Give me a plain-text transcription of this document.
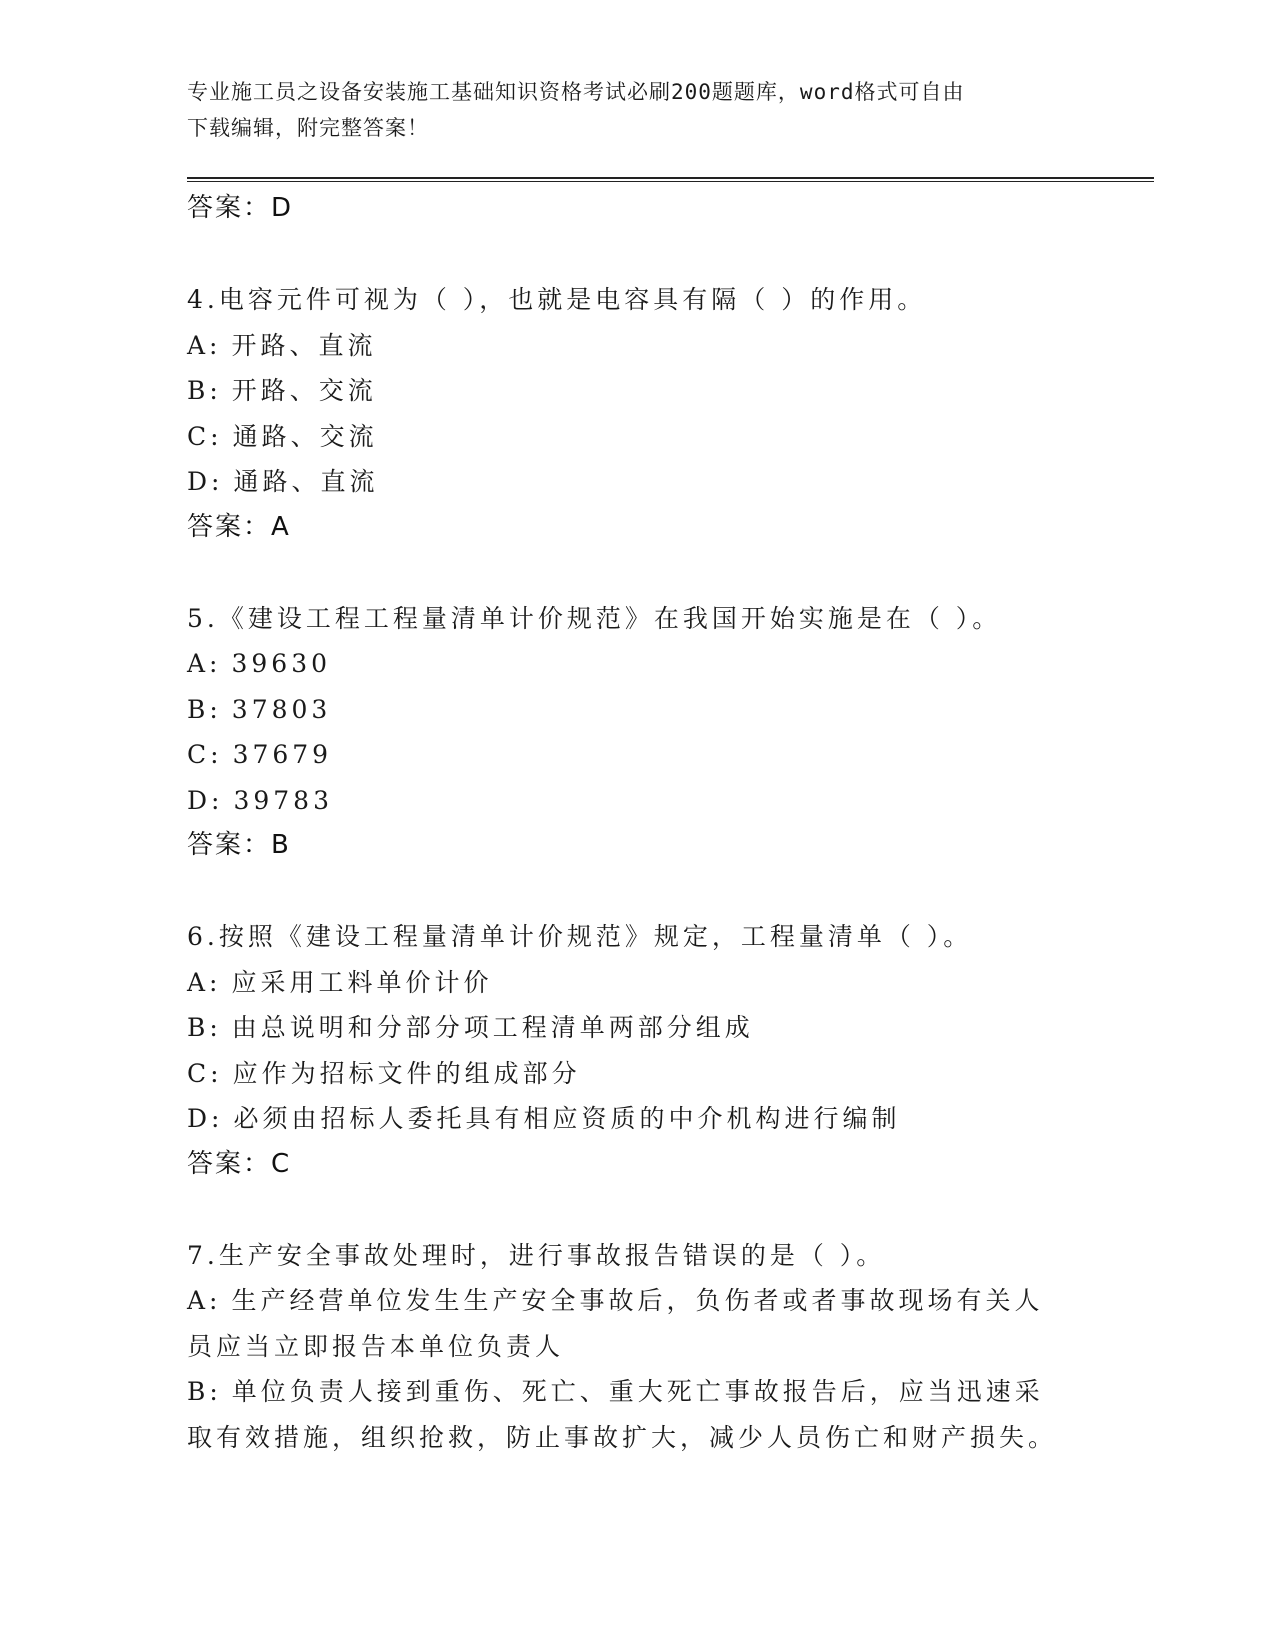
专业施工员之设备安装施工基础知识资格考试必刷200题题库，word格式可自由
下载编辑，附完整答案！
答案：D
4.电容元件可视为（ ），也就是电容具有隔（ ）的作用。
A: 开路、直流
B: 开路、交流
C: 通路、交流
D: 通路、直流
答案：A
5.《建设工程工程量清单计价规范》在我国开始实施是在（ ）。
A: 39630
B: 37803
C: 37679
D: 39783
答案：B
6.按照《建设工程量清单计价规范》规定，工程量清单（ ）。
A: 应采用工料单价计价
B: 由总说明和分部分项工程清单两部分组成
C: 应作为招标文件的组成部分
D: 必须由招标人委托具有相应资质的中介机构进行编制
答案：C
7.生产安全事故处理时，进行事故报告错误的是（ ）。
A: 生产经营单位发生生产安全事故后，负伤者或者事故现场有关人员应当立即报告本单位负责人
B: 单位负责人接到重伤、死亡、重大死亡事故报告后，应当迅速采取有效措施，组织抢救，防止事故扩大，减少人员伤亡和财产损失。
